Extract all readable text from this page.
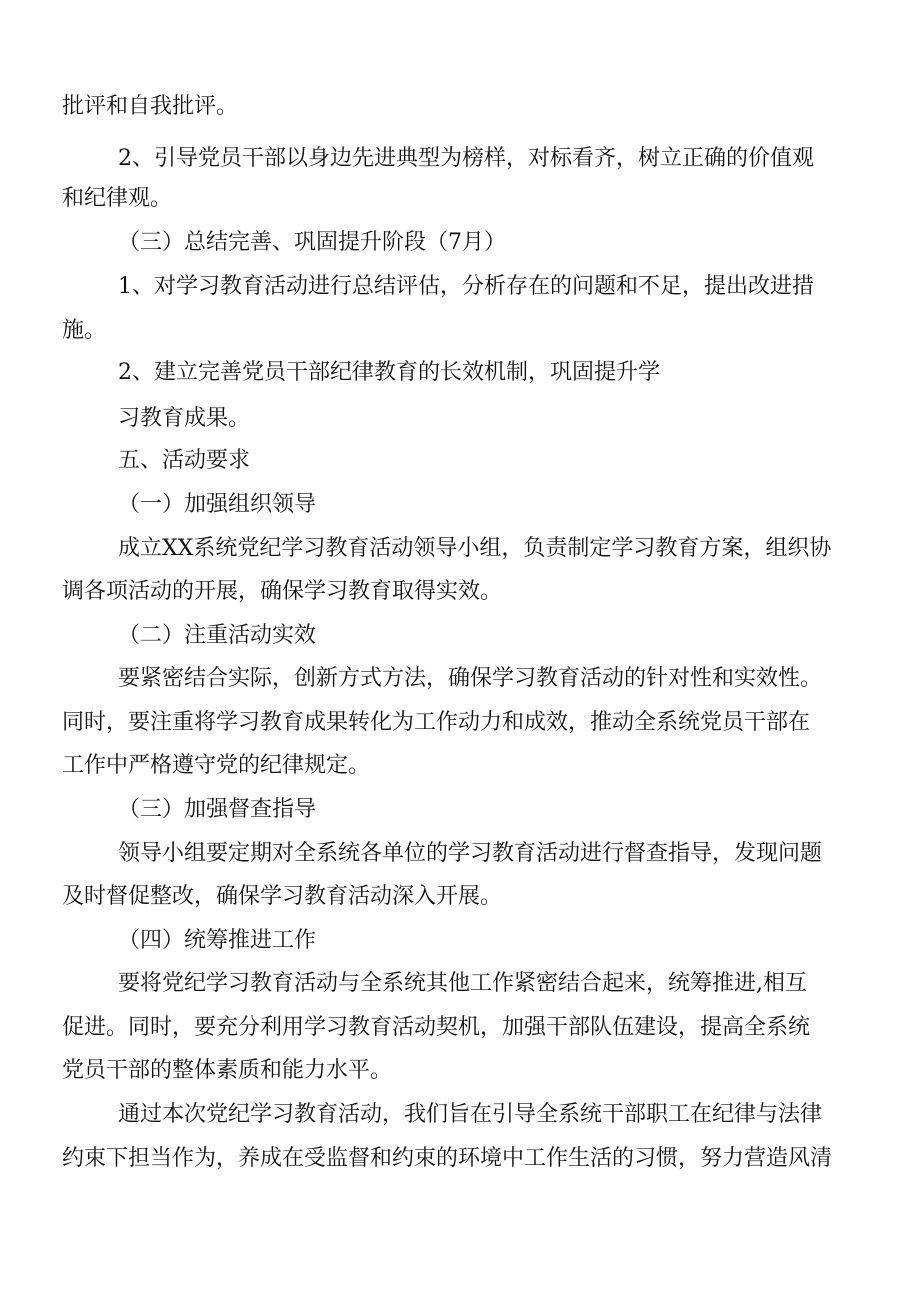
批评和自我批评。
2、引导党员干部以身边先进典型为榜样，对标看齐，树立正确的价值观
和纪律观。
（三）总结完善、巩固提升阶段（7月）
1、对学习教育活动进行总结评估，分析存在的问题和不足，提出改进措
施。
2、建立完善党员干部纪律教育的长效机制，巩固提升学
习教育成果。
五、活动要求
（一）加强组织领导
成立XX系统党纪学习教育活动领导小组，负责制定学习教育方案，组织协
调各项活动的开展，确保学习教育取得实效。
（二）注重活动实效
要紧密结合实际，创新方式方法，确保学习教育活动的针对性和实效性。
同时，要注重将学习教育成果转化为工作动力和成效，推动全系统党员干部在
工作中严格遵守党的纪律规定。
（三）加强督查指导
领导小组要定期对全系统各单位的学习教育活动进行督查指导，发现问题
及时督促整改，确保学习教育活动深入开展。
（四）统筹推进工作
要将党纪学习教育活动与全系统其他工作紧密结合起来，统筹推进,相互
促进。同时，要充分利用学习教育活动契机，加强干部队伍建设，提高全系统
党员干部的整体素质和能力水平。
通过本次党纪学习教育活动，我们旨在引导全系统干部职工在纪律与法律
约束下担当作为，养成在受监督和约束的环境中工作生活的习惯，努力营造风清
